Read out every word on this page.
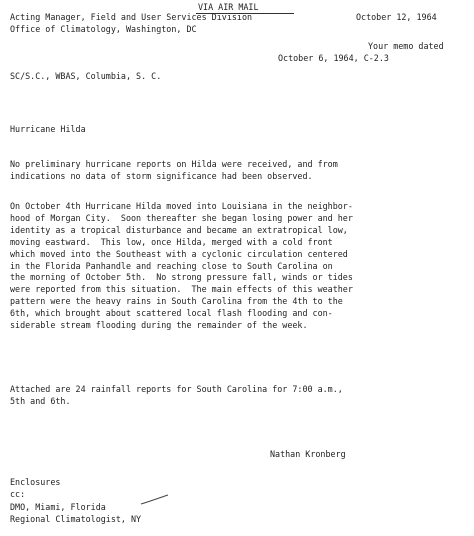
VIA AIR MAIL
Acting Manager, Field and User Services Division
Office of Climatology, Washington, DC
October 12, 1964
Your memo dated
October 6, 1964, C-2.3
SC/S.C., WBAS, Columbia, S. C.
Hurricane Hilda
No preliminary hurricane reports on Hilda were received, and from
indications no data of storm significance had been observed.
On October 4th Hurricane Hilda moved into Louisiana in the neighbor-
hood of Morgan City.  Soon thereafter she began losing power and her
identity as a tropical disturbance and became an extratropical low,
moving eastward.  This low, once Hilda, merged with a cold front
which moved into the Southeast with a cyclonic circulation centered
in the Florida Panhandle and reaching close to South Carolina on
the morning of October 5th.  No strong pressure fall, winds or tides
were reported from this situation.  The main effects of this weather
pattern were the heavy rains in South Carolina from the 4th to the
6th, which brought about scattered local flash flooding and con-
siderable stream flooding during the remainder of the week.
Attached are 24 rainfall reports for South Carolina for 7:00 a.m.,
5th and 6th.
Nathan Kronberg
Enclosures
cc:
DMO, Miami, Florida
Regional Climatologist, NY
